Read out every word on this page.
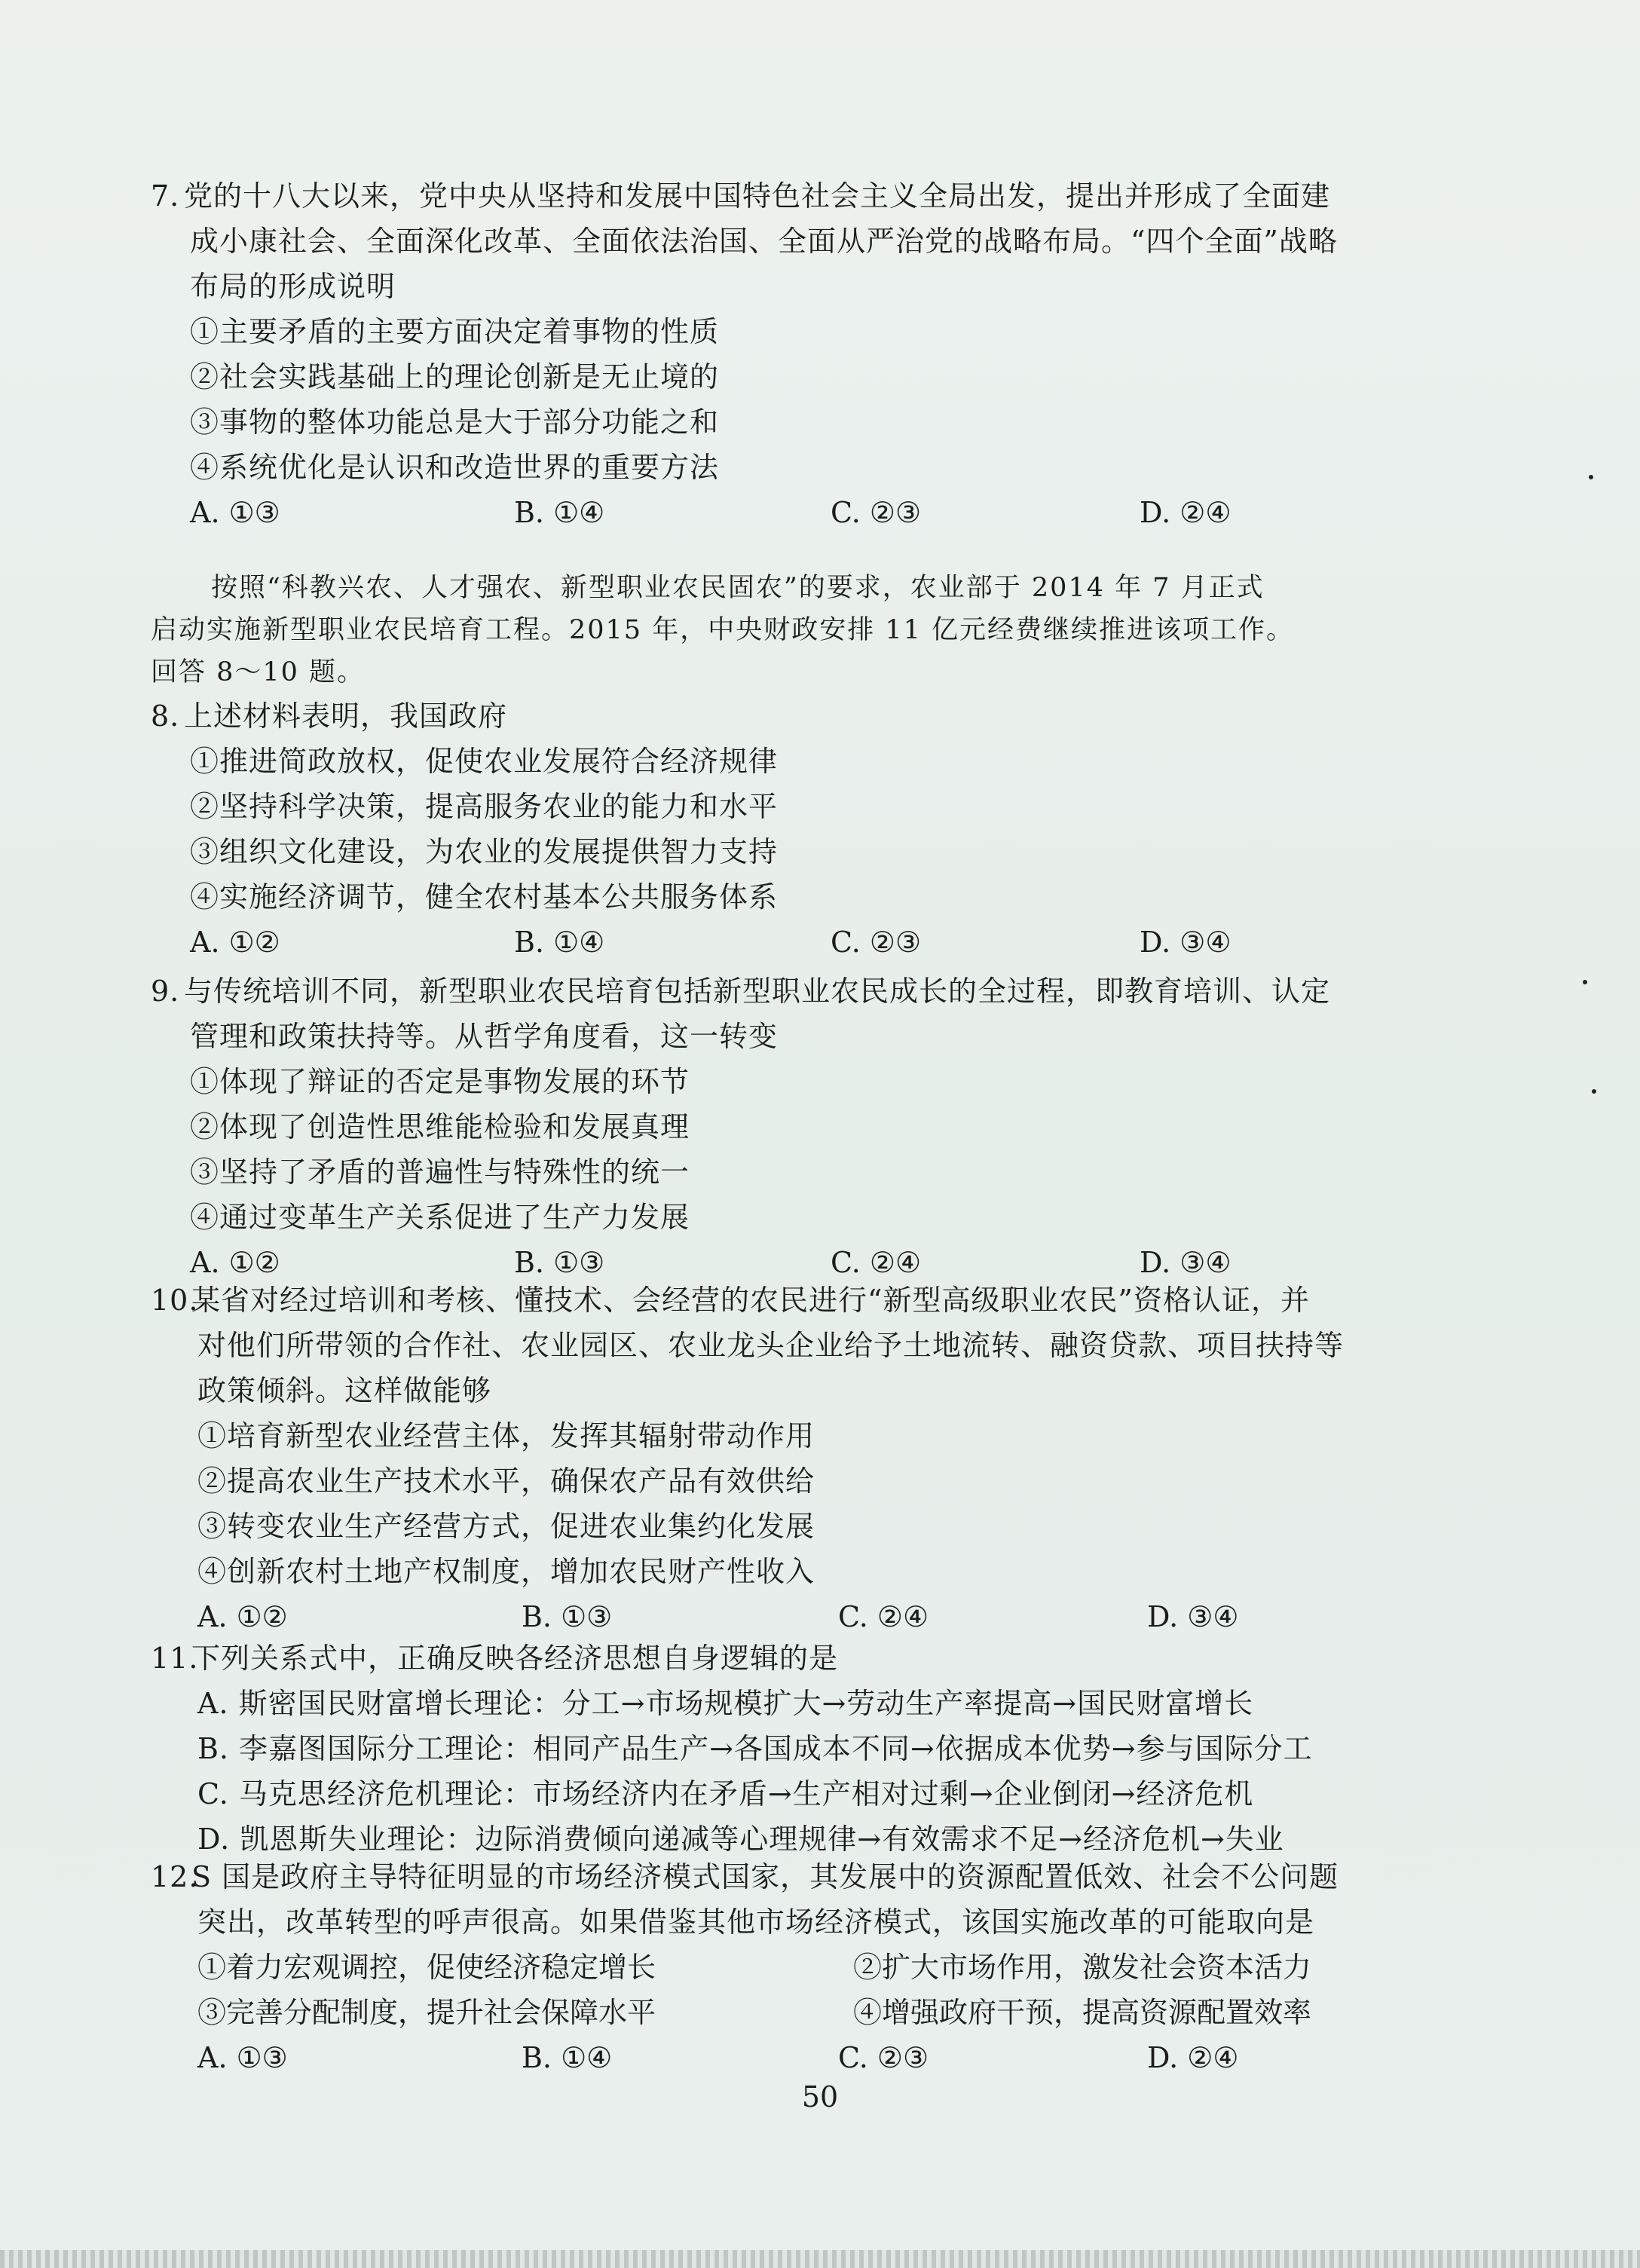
7. 党的十八大以来，党中央从坚持和发展中国特色社会主义全局出发，提出并形成了全面建
成小康社会、全面深化改革、全面依法治国、全面从严治党的战略布局。“四个全面”战略
布局的形成说明
①主要矛盾的主要方面决定着事物的性质
②社会实践基础上的理论创新是无止境的
③事物的整体功能总是大于部分功能之和
④系统优化是认识和改造世界的重要方法
A. ①③	B. ①④	C. ②③	D. ②④
按照“科教兴农、人才强农、新型职业农民固农”的要求，农业部于 2014 年 7 月正式
启动实施新型职业农民培育工程。2015 年，中央财政安排 11 亿元经费继续推进该项工作。
回答 8～10 题。
8. 上述材料表明，我国政府
①推进简政放权，促使农业发展符合经济规律
②坚持科学决策，提高服务农业的能力和水平
③组织文化建设，为农业的发展提供智力支持
④实施经济调节，健全农村基本公共服务体系
A. ①②	B. ①④	C. ②③	D. ③④
9. 与传统培训不同，新型职业农民培育包括新型职业农民成长的全过程，即教育培训、认定
管理和政策扶持等。从哲学角度看，这一转变
①体现了辩证的否定是事物发展的环节
②体现了创造性思维能检验和发展真理
③坚持了矛盾的普遍性与特殊性的统一
④通过变革生产关系促进了生产力发展
A. ①②	B. ①③	C. ②④	D. ③④
10.某省对经过培训和考核、懂技术、会经营的农民进行“新型高级职业农民”资格认证，并
对他们所带领的合作社、农业园区、农业龙头企业给予土地流转、融资贷款、项目扶持等
政策倾斜。这样做能够
①培育新型农业经营主体，发挥其辐射带动作用
②提高农业生产技术水平，确保农产品有效供给
③转变农业生产经营方式，促进农业集约化发展
④创新农村土地产权制度，增加农民财产性收入
A. ①②	B. ①③	C. ②④	D. ③④
11.下列关系式中，正确反映各经济思想自身逻辑的是
A. 斯密国民财富增长理论：分工→市场规模扩大→劳动生产率提高→国民财富增长
B. 李嘉图国际分工理论：相同产品生产→各国成本不同→依据成本优势→参与国际分工
C. 马克思经济危机理论：市场经济内在矛盾→生产相对过剩→企业倒闭→经济危机
D. 凯恩斯失业理论：边际消费倾向递减等心理规律→有效需求不足→经济危机→失业
12.S 国是政府主导特征明显的市场经济模式国家，其发展中的资源配置低效、社会不公问题
突出，改革转型的呼声很高。如果借鉴其他市场经济模式，该国实施改革的可能取向是
①着力宏观调控，促使经济稳定增长	②扩大市场作用，激发社会资本活力
③完善分配制度，提升社会保障水平	④增强政府干预，提高资源配置效率
A. ①③	B. ①④	C. ②③	D. ②④
50
